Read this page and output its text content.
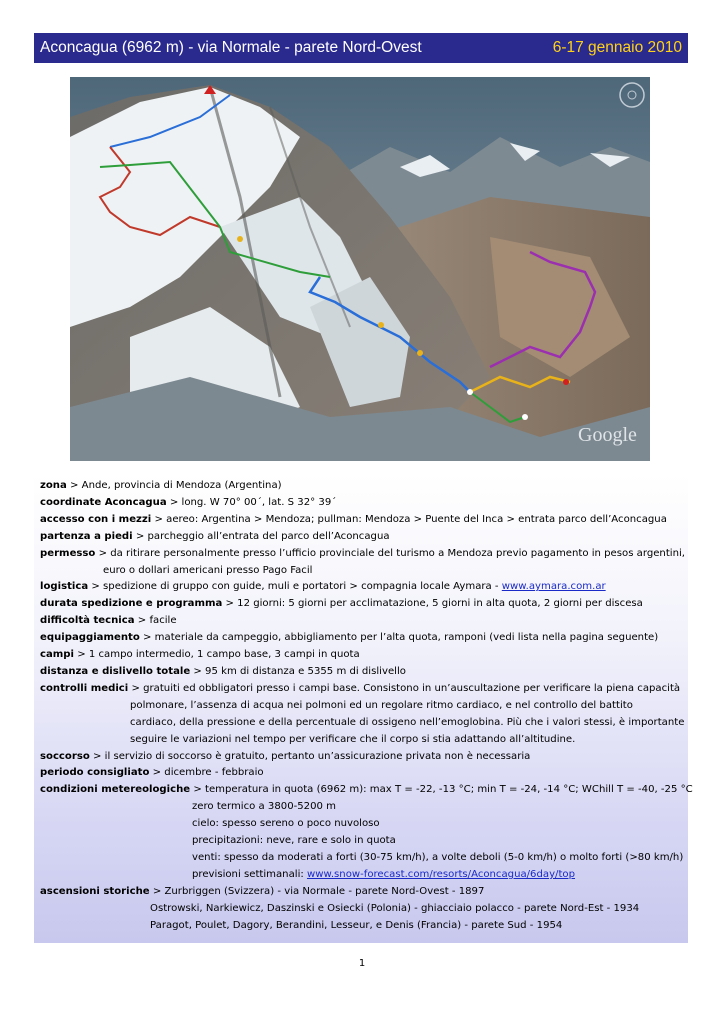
Aconcagua (6962 m) - via Normale - parete Nord-Ovest	6-17 gennaio 2010
Google
zona > Ande, provincia di Mendoza (Argentina)
coordinate Aconcagua > long. W 70° 00´, lat. S 32° 39´
accesso con i mezzi > aereo: Argentina > Mendoza; pullman: Mendoza > Puente del Inca > entrata parco dell’Aconcagua
partenza a piedi > parcheggio all’entrata del parco dell’Aconcagua
permesso > da ritirare personalmente presso l’ufficio provinciale del turismo a Mendoza previo pagamento in pesos argentini,
euro o dollari americani presso Pago Facil
logistica > spedizione di gruppo con guide, muli e portatori > compagnia locale Aymara - www.aymara.com.ar
durata spedizione e programma > 12 giorni: 5 giorni per acclimatazione, 5 giorni in alta quota, 2 giorni per discesa
difficoltà tecnica > facile
equipaggiamento > materiale da campeggio, abbigliamento per l’alta quota, ramponi (vedi lista nella pagina seguente)
campi > 1 campo intermedio, 1 campo base, 3 campi in quota
distanza e dislivello totale > 95 km di distanza e 5355 m di dislivello
controlli medici > gratuiti ed obbligatori presso i campi base. Consistono in un’auscultazione per verificare la piena capacità
polmonare, l’assenza di acqua nei polmoni ed un regolare ritmo cardiaco, e nel controllo del battito
cardiaco, della pressione e della percentuale di ossigeno nell’emoglobina. Più che i valori stessi, è importante
seguire le variazioni nel tempo per verificare che il corpo si stia adattando all’altitudine.
soccorso > il servizio di soccorso è gratuito, pertanto un’assicurazione privata non è necessaria
periodo consigliato > dicembre - febbraio
condizioni metereologiche > temperatura in quota (6962 m): max T = -22, -13 °C; min T = -24, -14 °C; WChill T = -40, -25 °C
zero termico a 3800-5200 m
cielo: spesso sereno o poco nuvoloso
precipitazioni: neve, rare e solo in quota
venti: spesso da moderati a forti (30-75 km/h), a volte deboli (5-0 km/h) o molto forti (>80 km/h)
previsioni settimanali: www.snow-forecast.com/resorts/Aconcagua/6day/top
ascensioni storiche > Zurbriggen (Svizzera) - via Normale - parete Nord-Ovest - 1897
Ostrowski, Narkiewicz, Daszinski e Osiecki (Polonia) - ghiacciaio polacco - parete Nord-Est - 1934
Paragot, Poulet, Dagory, Berandini, Lesseur, e Denis (Francia) - parete Sud - 1954
1
